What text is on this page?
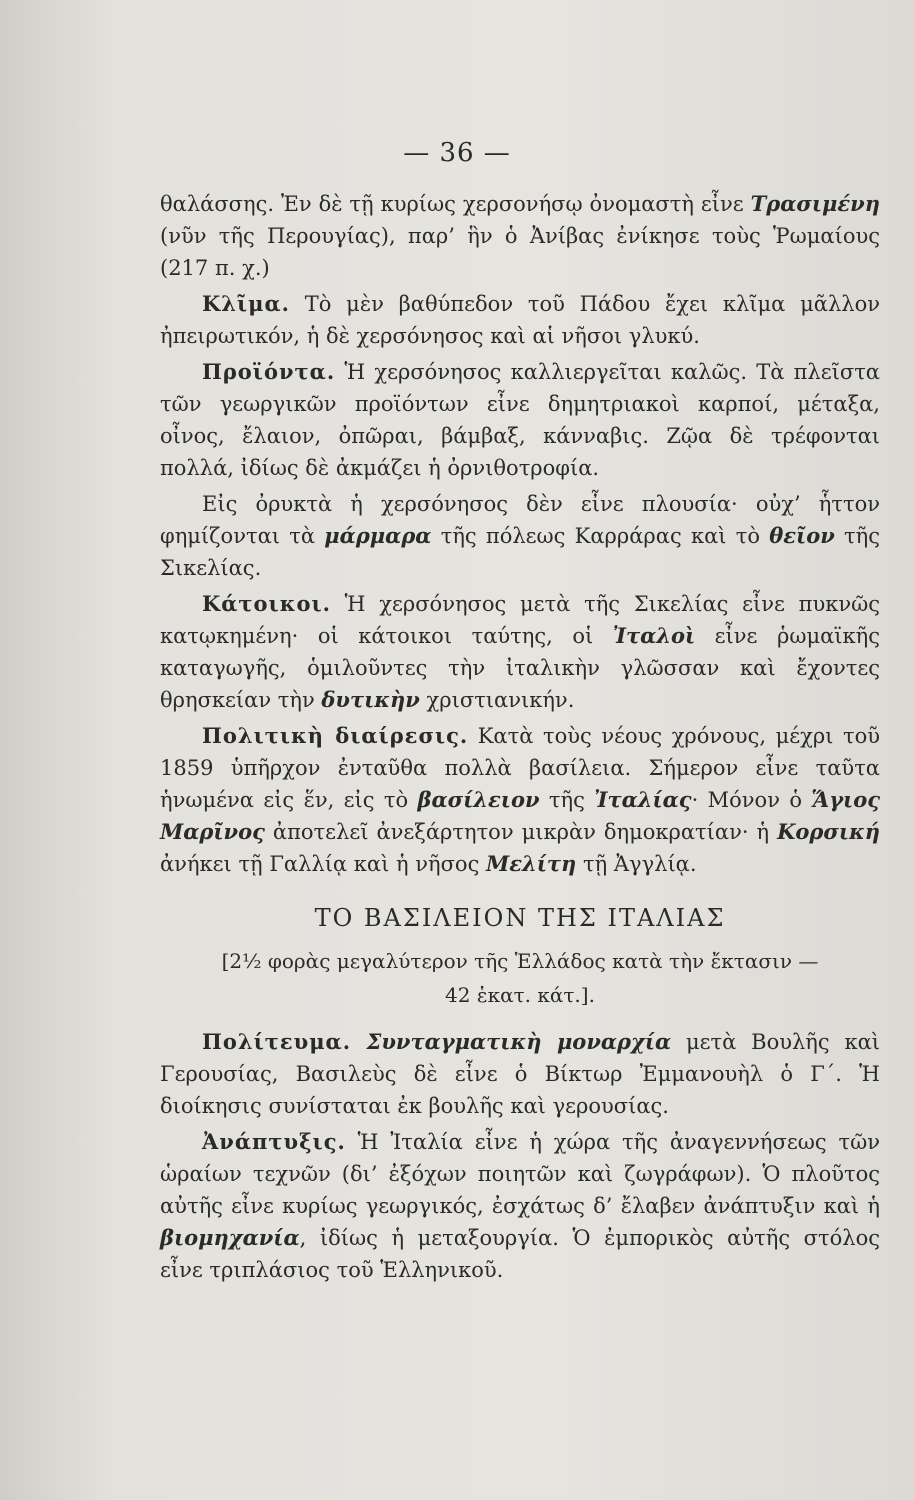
— 36 —

θαλάσσης. Ἐν δὲ τῇ κυρίως χερσονήσῳ ὀνομαστὴ εἶνε Τρασιμένη (νῦν τῆς Περουγίας), παρ’ ἣν ὁ Ἀνίβας ἐνίκησε τοὺς Ῥωμαίους (217 π. χ.)

Κλῖμα. Τὸ μὲν βαθύπεδον τοῦ Πάδου ἔχει κλῖμα μᾶλλον ἠπειρωτικόν, ἡ δὲ χερσόνησος καὶ αἱ νῆσοι γλυκύ.

Προϊόντα. Ἡ χερσόνησος καλλιεργεῖται καλῶς. Τὰ πλεῖστα τῶν γεωργικῶν προϊόντων εἶνε δημητριακοὶ καρποί, μέταξα, οἶνος, ἔλαιον, ὀπῶραι, βάμβαξ, κάνναβις. Ζῷα δὲ τρέφονται πολλά, ἰδίως δὲ ἀκμάζει ἡ ὀρνιθοτροφία.

Εἰς ὀρυκτὰ ἡ χερσόνησος δὲν εἶνε πλουσία· οὐχ’ ἧττον φημίζονται τὰ μάρμαρα τῆς πόλεως Καρράρας καὶ τὸ θεῖον τῆς Σικελίας.

Κάτοικοι. Ἡ χερσόνησος μετὰ τῆς Σικελίας εἶνε πυκνῶς κατῳκημένη· οἱ κάτοικοι ταύτης, οἱ Ἰταλοὶ εἶνε ῥωμαϊκῆς καταγωγῆς, ὁμιλοῦντες τὴν ἰταλικὴν γλῶσσαν καὶ ἔχοντες θρησκείαν τὴν δυτικὴν χριστιανικήν.

Πολιτικὴ διαίρεσις. Κατὰ τοὺς νέους χρόνους, μέχρι τοῦ 1859 ὑπῆρχον ἐνταῦθα πολλὰ βασίλεια. Σήμερον εἶνε ταῦτα ἡνωμένα εἰς ἕν, εἰς τὸ βασίλειον τῆς Ἰταλίας· Μόνον ὁ Ἅγιος Μαρῖνος ἀποτελεῖ ἀνεξάρτητον μικρὰν δημοκρατίαν· ἡ Κορσική ἀνήκει τῇ Γαλλίᾳ καὶ ἡ νῆσος Μελίτη τῇ Ἀγγλίᾳ.

ΤΟ ΒΑΣΙΛΕΙΟΝ ΤΗΣ ΙΤΑΛΙΑΣ
[2½ φορὰς μεγαλύτερον τῆς Ἑλλάδος κατὰ τὴν ἔκτασιν —
42 ἑκατ. κάτ.].

Πολίτευμα. Συνταγματικὴ μοναρχία μετὰ Βουλῆς καὶ Γερουσίας, Βασιλεὺς δὲ εἶνε ὁ Βίκτωρ Ἐμμανουὴλ ὁ Γ΄. Ἡ διοίκησις συνίσταται ἐκ βουλῆς καὶ γερουσίας.

Ἀνάπτυξις. Ἡ Ἰταλία εἶνε ἡ χώρα τῆς ἀναγεννήσεως τῶν ὡραίων τεχνῶν (δι’ ἐξόχων ποιητῶν καὶ ζωγράφων). Ὁ πλοῦτος αὐτῆς εἶνε κυρίως γεωργικός, ἐσχάτως δ’ ἔλαβεν ἀνάπτυξιν καὶ ἡ βιομηχανία, ἰδίως ἡ μεταξουργία. Ὁ ἐμπορικὸς αὐτῆς στόλος εἶνε τριπλάσιος τοῦ Ἑλληνικοῦ.
